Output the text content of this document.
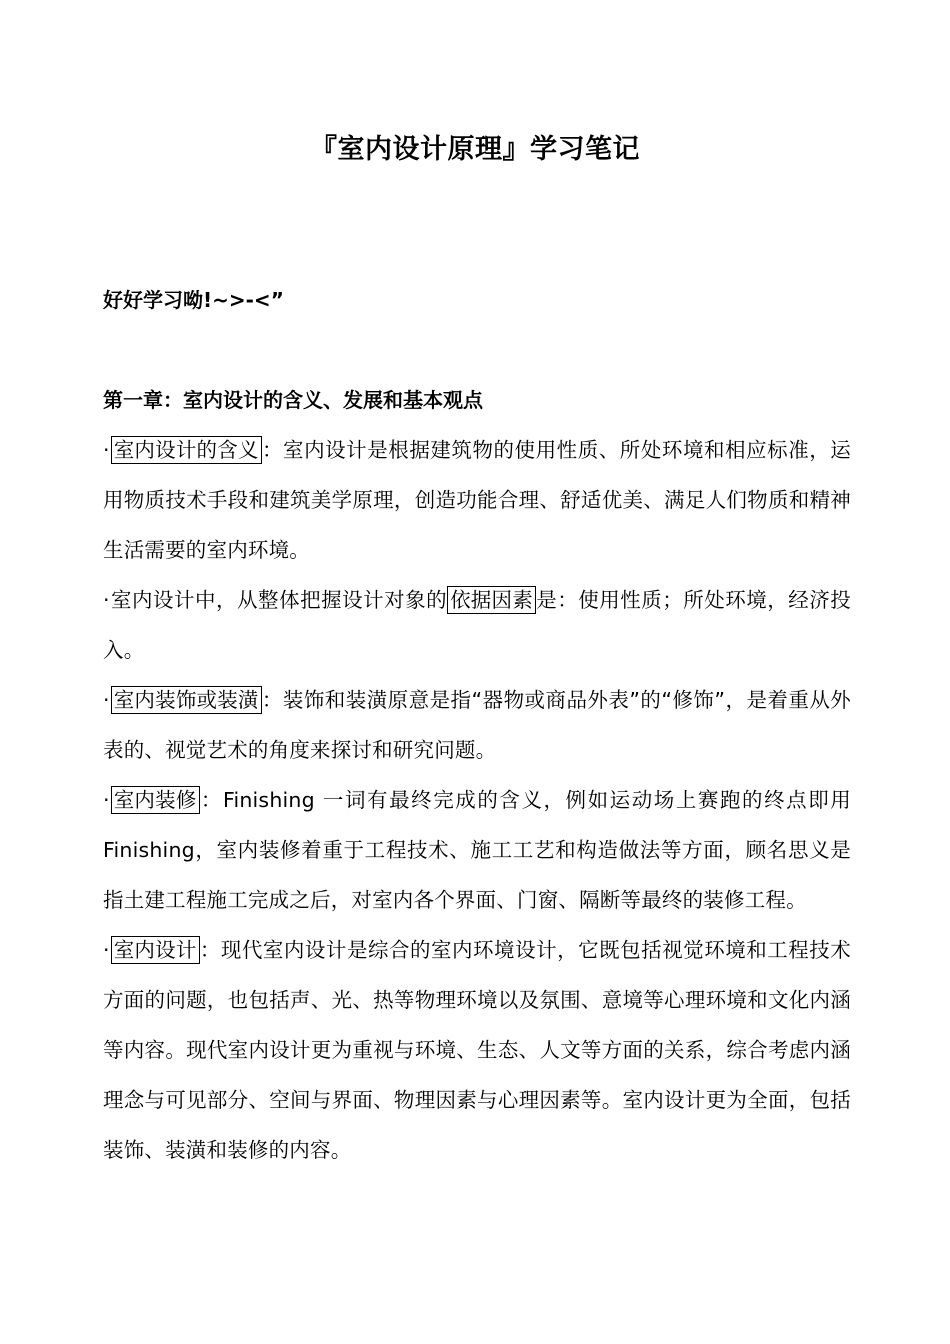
『室内设计原理』学习笔记
好好学习呦!~>-<”
第一章：室内设计的含义、发展和基本观点

· 室内设计的含义 ：室内设计是根据建筑物的使用性质、所处环境和相应标准，运用物质技术手段和建筑美学原理，创造功能合理、舒适优美、满足人们物质和精神生活需要的室内环境。

·室内设计中，从整体把握设计对象的 依据因素 是：使用性质；所处环境，经济投入。

· 室内装饰或装潢 ：装饰和装潢原意是指“器物或商品外表”的“修饰”，是着重从外表的、视觉艺术的角度来探讨和研究问题。

· 室内装修 ：Finishing 一词有最终完成的含义，例如运动场上赛跑的终点即用 Finishing，室内装修着重于工程技术、施工工艺和构造做法等方面，顾名思义是指土建工程施工完成之后，对室内各个界面、门窗、隔断等最终的装修工程。

· 室内设计 ：现代室内设计是综合的室内环境设计，它既包括视觉环境和工程技术方面的问题，也包括声、光、热等物理环境以及氛围、意境等心理环境和文化内涵等内容。现代室内设计更为重视与环境、生态、人文等方面的关系，综合考虑内涵理念与可见部分、空间与界面、物理因素与心理因素等。室内设计更为全面，包括装饰、装潢和装修的内容。
